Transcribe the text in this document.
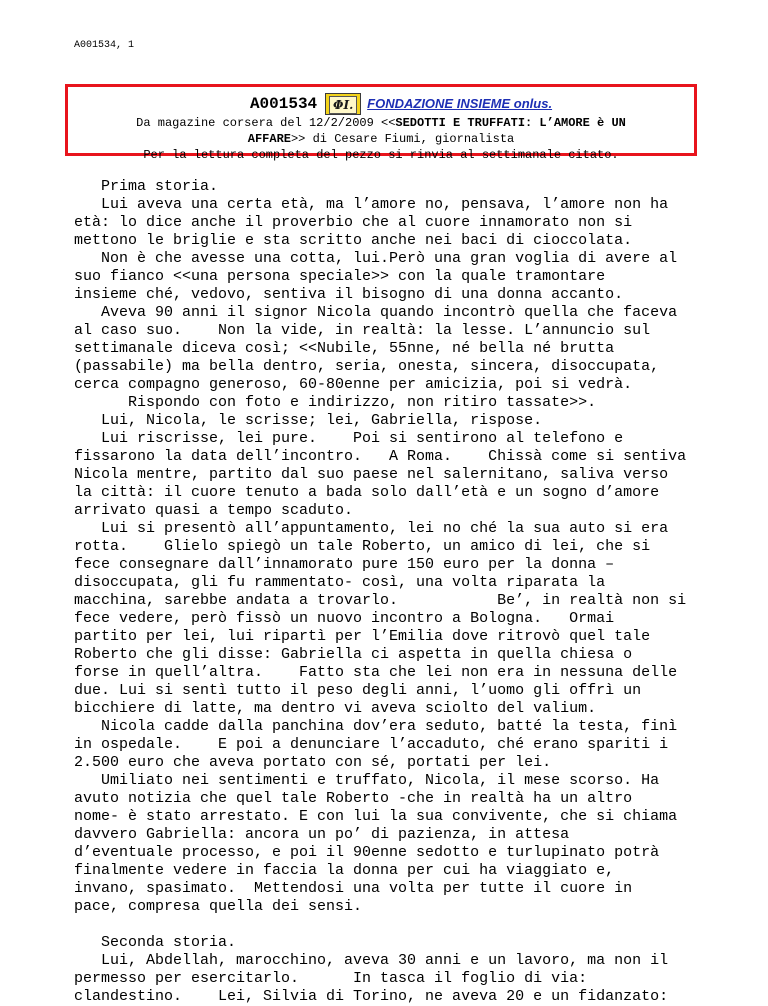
A001534, 1
A001534	ΦI.	FONDAZIONE INSIEME onlus.
Da magazine corsera del 12/2/2009 <<SEDOTTI E TRUFFATI: L’AMORE è UN
AFFARE>> di Cesare Fiumi, giornalista
Per la lettura completa del pezzo si rinvia al settimanale citato.
Prima storia.
Lui aveva una certa età, ma l’amore no, pensava, l’amore non ha
età: lo dice anche il proverbio che al cuore innamorato non si
mettono le briglie e sta scritto anche nei baci di cioccolata.
Non è che avesse una cotta, lui.Però una gran voglia di avere al
suo fianco <<una persona speciale>> con la quale tramontare
insieme ché, vedovo, sentiva il bisogno di una donna accanto.
Aveva 90 anni il signor Nicola quando incontrò quella che faceva
al caso suo.    Non la vide, in realtà: la lesse. L’annuncio sul
settimanale diceva così; <<Nubile, 55nne, né bella né brutta
(passabile) ma bella dentro, seria, onesta, sincera, disoccupata,
cerca compagno generoso, 60-80enne per amicizia, poi si vedrà.
Rispondo con foto e indirizzo, non ritiro tassate>>.
Lui, Nicola, le scrisse; lei, Gabriella, rispose.
Lui riscrisse, lei pure.    Poi si sentirono al telefono e
fissarono la data dell’incontro.   A Roma.    Chissà come si sentiva
Nicola mentre, partito dal suo paese nel salernitano, saliva verso
la città: il cuore tenuto a bada solo dall’età e un sogno d’amore
arrivato quasi a tempo scaduto.
Lui si presentò all’appuntamento, lei no ché la sua auto si era
rotta.    Glielo spiegò un tale Roberto, un amico di lei, che si
fece consegnare dall’innamorato pure 150 euro per la donna –
disoccupata, gli fu rammentato- così, una volta riparata la
macchina, sarebbe andata a trovarlo.           Be’, in realtà non si
fece vedere, però fissò un nuovo incontro a Bologna.   Ormai
partito per lei, lui ripartì per l’Emilia dove ritrovò quel tale
Roberto che gli disse: Gabriella ci aspetta in quella chiesa o
forse in quell’altra.    Fatto sta che lei non era in nessuna delle
due. Lui si sentì tutto il peso degli anni, l’uomo gli offrì un
bicchiere di latte, ma dentro vi aveva sciolto del valium.
Nicola cadde dalla panchina dov’era seduto, batté la testa, finì
in ospedale.    E poi a denunciare l’accaduto, ché erano spariti i
2.500 euro che aveva portato con sé, portati per lei.
Umiliato nei sentimenti e truffato, Nicola, il mese scorso. Ha
avuto notizia che quel tale Roberto -che in realtà ha un altro
nome- è stato arrestato. E con lui la sua convivente, che si chiama
davvero Gabriella: ancora un po’ di pazienza, in attesa
d’eventuale processo, e poi il 90enne sedotto e turlupinato potrà
finalmente vedere in faccia la donna per cui ha viaggiato e,
invano, spasimato.  Mettendosi una volta per tutte il cuore in
pace, compresa quella dei sensi.
Seconda storia.
Lui, Abdellah, marocchino, aveva 30 anni e un lavoro, ma non il
permesso per esercitarlo.      In tasca il foglio di via:
clandestino.    Lei, Silvia di Torino, ne aveva 20 e un fidanzato:
